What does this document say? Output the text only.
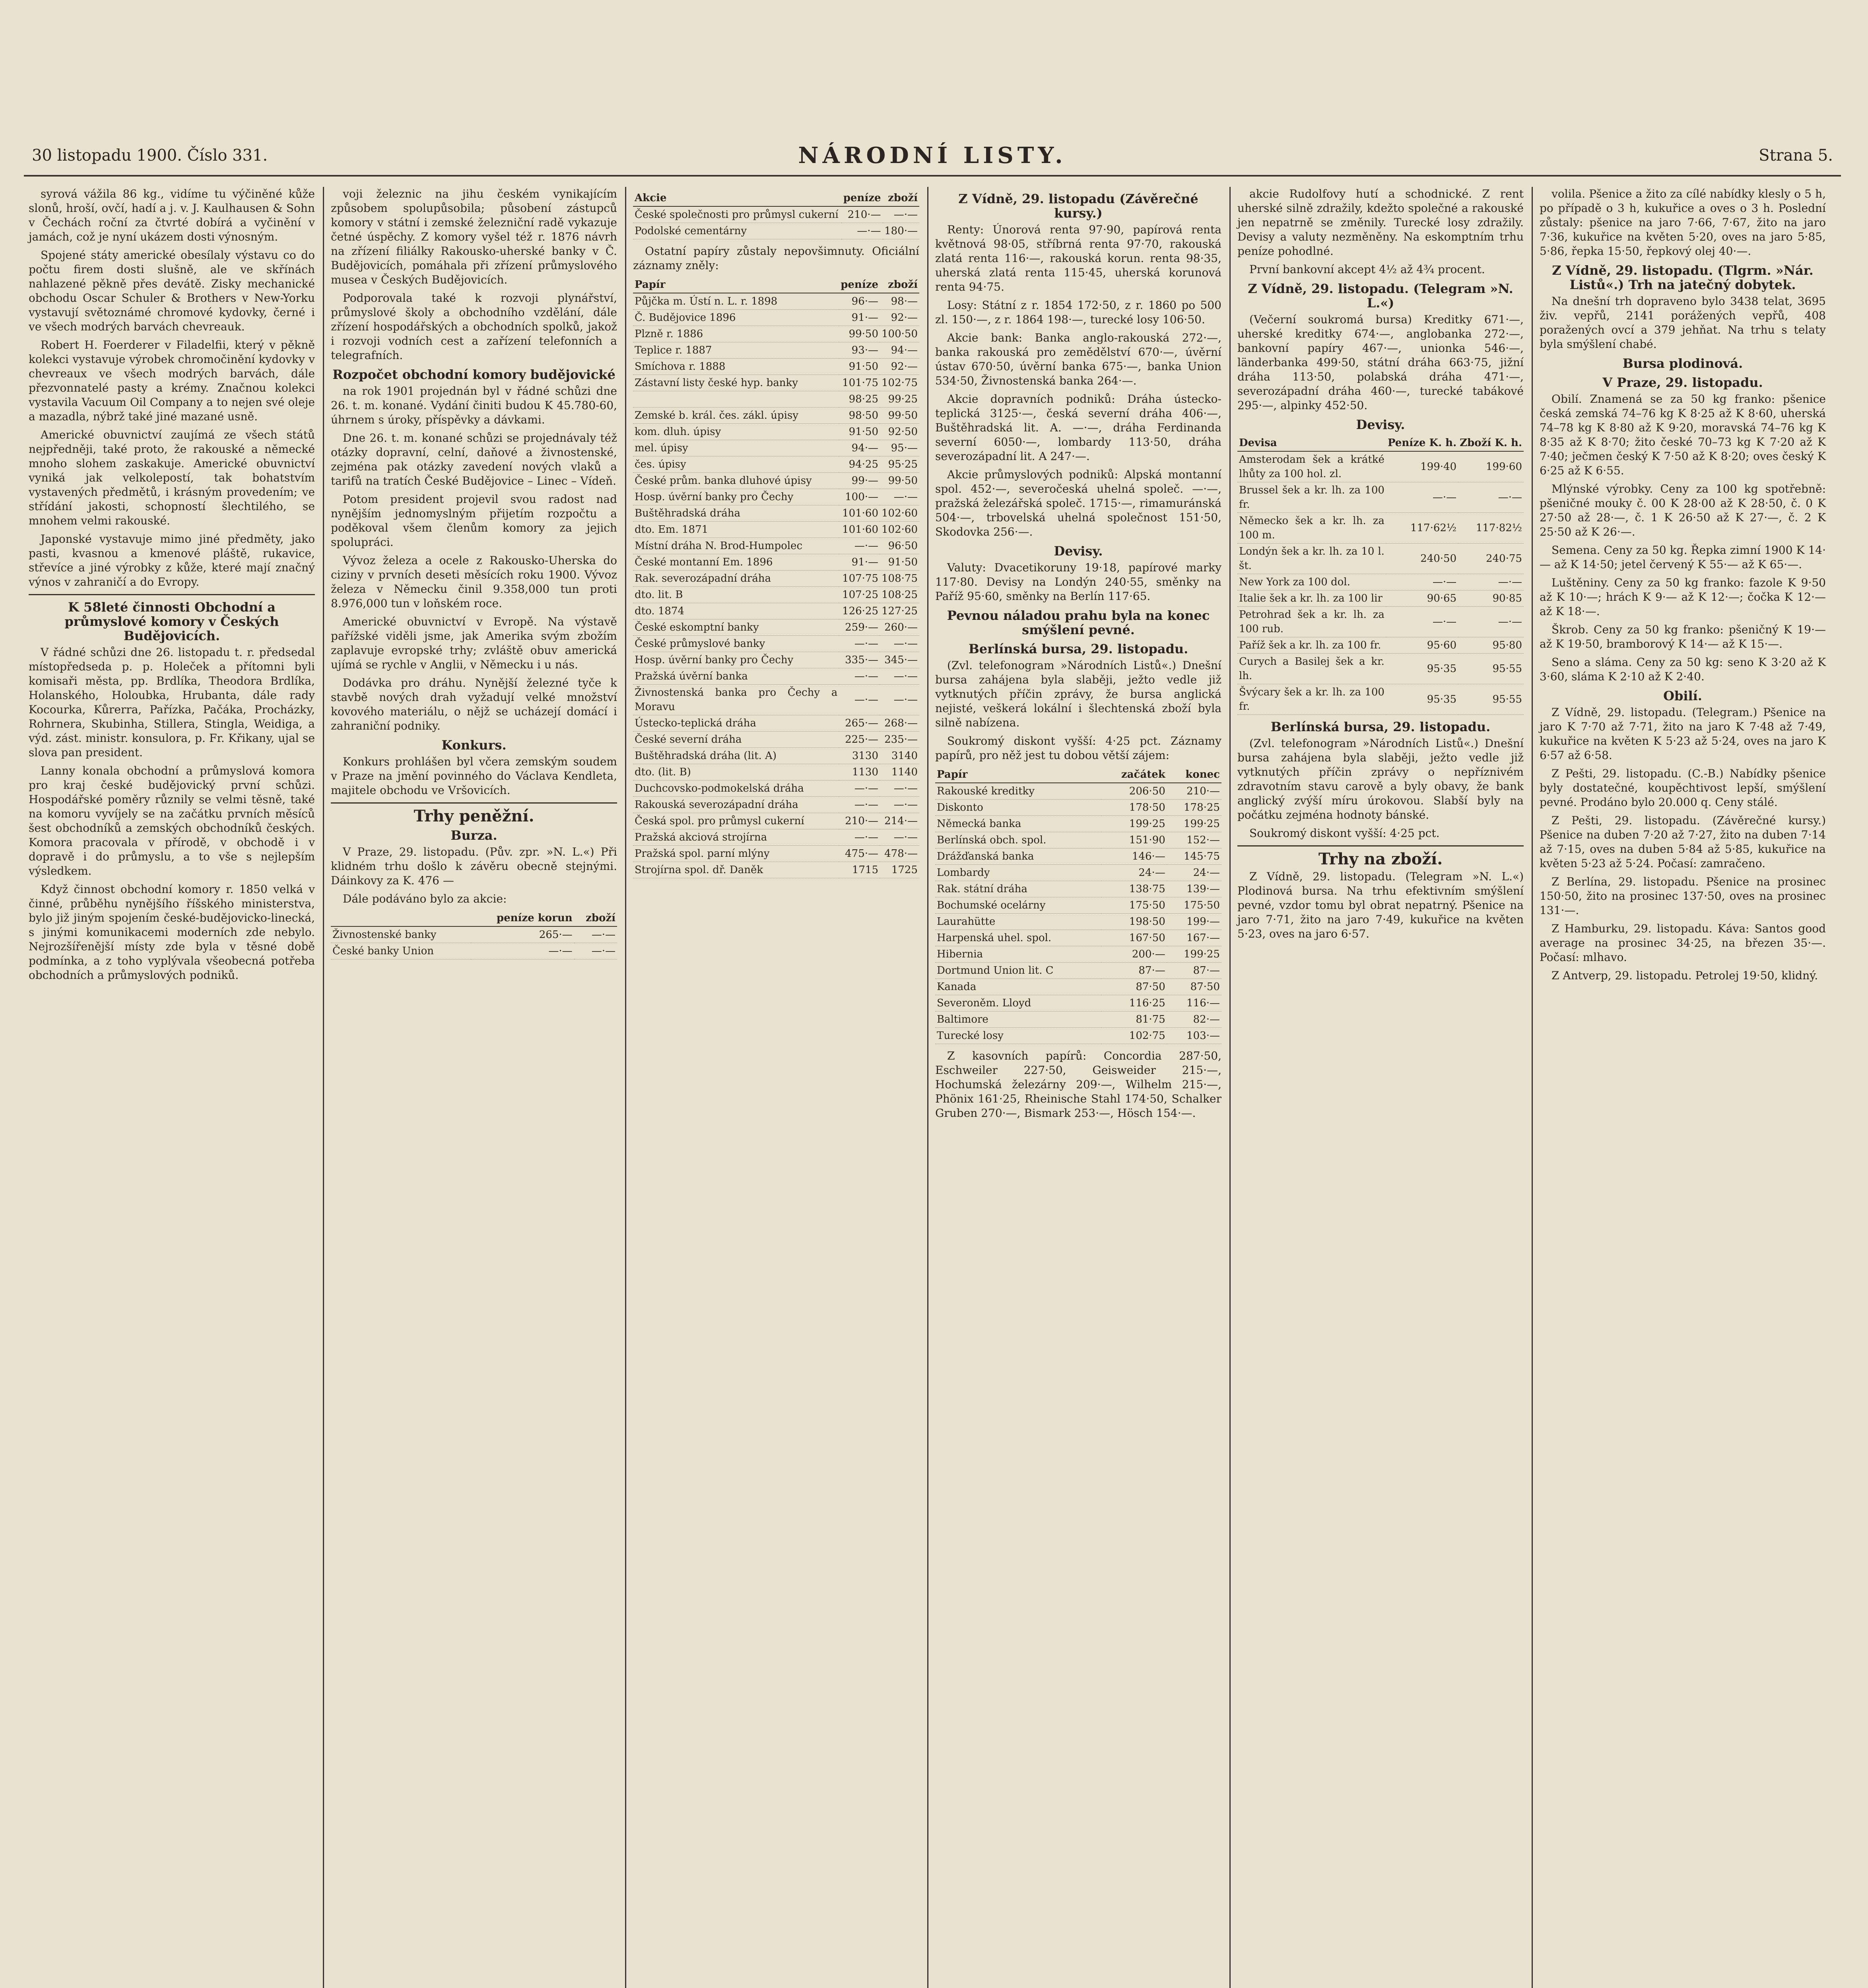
30 listopadu 1900. Číslo 331.	NÁRODNÍ LISTY.	Strana 5.

syrová vážila 86 kg., vidíme tu výčiněné kůže slonů, hroší, ovčí, hadí a j. v. J. Kaulhausen & Sohn v Čechách roční za čtvrté dobírá a vyčinění v jamách, což je nyní ukázem dosti výnosným.

Spojené státy americké obesílaly výstavu co do počtu firem dosti slušně, ale ve skřínách nahlazené pěkně přes devátě. Zisky mechanické obchodu Oscar Schuler & Brothers v New-Yorku vystavují světoznámé chromové kydovky, černé i ve všech modrých barvách chevreauk.

Robert H. Foerderer v Filadelfii, který v pěkně kolekci vystavuje výrobek chromočinění kydovky v chevreaux ve všech modrých barvách, dále přezvonnatelé pasty a krémy. Značnou kolekci vystavila Vacuum Oil Company a to nejen své oleje a mazadla, nýbrž také jiné mazané usně.

Americké obuvnictví zaujímá ze všech států nejpředněji, také proto, že rakouské a německé mnoho slohem zaskakuje. Americké obuvnictví vyniká jak velkolepostí, tak bohatstvím vystavených předmětů, i krásným provedením; ve střídání jakosti, schopností šlechtilého, se mnohem velmi rakouské.

Japonské vystavuje mimo jiné předměty, jako pasti, kvasnou a kmenové pláště, rukavice, střevíce a jiné výrobky z kůže, které mají značný výnos v zahraničí a do Evropy.

K 58leté činnosti Obchodní a průmyslové komory v Českých Budějovicích.

V řádné schůzi dne 26. listopadu t. r. předsedal místopředseda p. p. Holeček a přítomni byli komisaři města, pp. Brdlíka, Theodora Brdlíka, Holanského, Holoubka, Hrubanta, dále rady Kocourka, Kůrerra, Pařízka, Pačáka, Procházky, Rohrnera, Skubinha, Stillera, Stingla, Weidiga, a výd. zást. ministr. konsulora, p. Fr. Křikany, ujal se slova pan president.

Lanny konala obchodní a průmyslová komora pro kraj české budějovický první schůzi. Hospodářské poměry různily se velmi těsně, také na komoru vyvíjely se na začátku prvních měsíců šest obchodníků a zemských obchodníků českých. Komora pracovala v přírodě, v obchodě i v dopravě i do průmyslu, a to vše s nejlepším výsledkem.

Když činnost obchodní komory r. 1850 velká v činné, průběhu nynějšího říšského ministerstva, bylo již jiným spojením české-budějovicko-linecká, s jinými komunikacemi moderních zde nebylo. Nejrozšířenější místy zde byla v těsné době podmínka, a z toho vyplývala všeobecná potřeba obchodních a průmyslových podniků.

voji železnic na jihu českém vynikajícím způsobem spolupůsobila; působení zástupců komory v státní i zemské železniční radě vykazuje četné úspěchy. Z komory vyšel též r. 1876 návrh na zřízení filiálky Rakousko-uherské banky v Č. Budějovicích, pomáhala při zřízení průmyslového musea v Českých Budějovicích.

Podporovala také k rozvoji plynářství, průmyslové školy a obchodního vzdělání, dále zřízení hospodářských a obchodních spolků, jakož i rozvoji vodních cest a zařízení telefonních a telegrafních.

Rozpočet obchodní komory budějovické

na rok 1901 projednán byl v řádné schůzi dne 26. t. m. konané. Vydání činiti budou K 45.780-60, úhrnem s úroky, příspěvky a dávkami.

Dne 26. t. m. konané schůzi se projednávaly též otázky dopravní, celní, daňové a živnostenské, zejména pak otázky zavedení nových vlaků a tarifů na tratích České Budějovice – Linec – Vídeň.

Potom president projevil svou radost nad nynějším jednomyslným přijetím rozpočtu a poděkoval všem členům komory za jejich spolupráci.

Vývoz železa a ocele z Rakousko-Uherska do ciziny v prvních deseti měsících roku 1900. Vývoz železa v Německu činil 9.358,000 tun proti 8.976,000 tun v loňském roce.

Americké obuvnictví v Evropě. Na výstavě pařížské viděli jsme, jak Amerika svým zbožím zaplavuje evropské trhy; zvláště obuv americká ujímá se rychle v Anglii, v Německu i u nás.

Dodávka pro dráhu. Nynější železné tyče k stavbě nových drah vyžadují velké množství kovového materiálu, o nějž se ucházejí domácí i zahraniční podniky.

Konkurs.

Konkurs prohlášen byl včera zemským soudem v Praze na jmění povinného do Václava Kendleta, majitele obchodu ve Vršovicích.

Trhy peněžní.
Burza.

V Praze, 29. listopadu. (Pův. zpr. »N. L.«) Při klidném trhu došlo k závěru obecně stejnými. Dáinkovy za K. 476 —

Dále podáváno bylo za akcie:

	peníze korun	zboží
Živnostenské banky	265·—	—·—
České banky Union	—·—	—·—
Akcie	peníze	zboží
České společnosti pro průmysl cukerní	210·—	—·—
Podolské cementárny	—·—	180·—

Ostatní papíry zůstaly nepovšimnuty. Oficiální záznamy zněly:

Papír	peníze	zboží
Půjčka m. Ústí n. L. r. 1898	96·—	98·—
Č. Budějovice 1896	91·—	92·—
Plzně r. 1886	99·50	100·50
Teplice r. 1887	93·—	94·—
Smíchova r. 1888	91·50	92·—
Zástavní listy české hyp. banky	101·75	102·75
	98·25	99·25
Zemské b. král. čes. zákl. úpisy	98·50	99·50
kom. dluh. úpisy	91·50	92·50
mel. úpisy	94·—	95·—
čes. úpisy	94·25	95·25
České prům. banka dluhové úpisy	99·—	99·50
Hosp. úvěrní banky pro Čechy	100·—	—·—
Buštěhradská dráha	101·60	102·60
dto. Em. 1871	101·60	102·60
Místní dráha N. Brod-Humpolec	—·—	96·50
České montanní Em. 1896	91·—	91·50
Rak. severozápadní dráha	107·75	108·75
dto. lit. B	107·25	108·25
dto. 1874	126·25	127·25
České eskomptní banky	259·—	260·—
České průmyslové banky	—·—	—·—
Hosp. úvěrní banky pro Čechy	335·—	345·—
Pražská úvěrní banka	—·—	—·—
Živnostenská banka pro Čechy a Moravu	—·—	—·—
Ústecko-teplická dráha	265·—	268·—
České severní dráha	225·—	235·—
Buštěhradská dráha (lit. A)	3130	3140
dto. (lit. B)	1130	1140
Duchcovsko-podmokelská dráha	—·—	—·—
Rakouská severozápadní dráha	—·—	—·—
Česká spol. pro průmysl cukerní	210·—	214·—
Pražská akciová strojírna	—·—	—·—
Pražská spol. parní mlýny	475·—	478·—
Strojírna spol. dř. Daněk	1715	1725
Z Vídně, 29. listopadu (Závěrečné kursy.)

Renty: Únorová renta 97·90, papírová renta květnová 98·05, stříbrná renta 97·70, rakouská zlatá renta 116·—, rakouská korun. renta 98·35, uherská zlatá renta 115·45, uherská korunová renta 94·75.

Losy: Státní z r. 1854 172·50, z r. 1860 po 500 zl. 150·—, z r. 1864 198·—, turecké losy 106·50.

Akcie bank: Banka anglo-rakouská 272·—, banka rakouská pro zemědělství 670·—, úvěrní ústav 670·50, úvěrní banka 675·—, banka Union 534·50, Živnostenská banka 264·—.

Akcie dopravních podniků: Dráha ústecko-teplická 3125·—, česká severní dráha 406·—, Buštěhradská lit. A. —·—, dráha Ferdinanda severní 6050·—, lombardy 113·50, dráha severozápadní lit. A 247·—.

Akcie průmyslových podniků: Alpská montanní spol. 452·—, severočeská uhelná společ. —·—, pražská železářská společ. 1715·—, rimamuránská 504·—, trbovelská uhelná společnost 151·50, Skodovka 256·—.

Devisy.

Valuty: Dvacetikoruny 19·18, papírové marky 117·80. Devisy na Londýn 240·55, směnky na Paříž 95·60, směnky na Berlín 117·65.

Pevnou náladou prahu byla na konec smýšlení pevné.
Berlínská bursa, 29. listopadu.

(Zvl. telefonogram »Národních Listů«.) Dnešní bursa zahájena byla slaběji, ježto vedle již vytknutých příčin zprávy, že bursa anglická nejisté, veškerá lokální i šlechtenská zboží byla silně nabízena.

Soukromý diskont vyšší: 4·25 pct. Záznamy papírů, pro něž jest tu dobou větší zájem:

Papír	začátek	konec
Rakouské kreditky	206·50	210·—
Diskonto	178·50	178·25
Německá banka	199·25	199·25
Berlínská obch. spol.	151·90	152·—
Drážďanská banka	146·—	145·75
Lombardy	24·—	24·—
Rak. státní dráha	138·75	139·—
Bochumské ocelárny	175·50	175·50
Laurahütte	198·50	199·—
Harpenská uhel. spol.	167·50	167·—
Hibernia	200·—	199·25
Dortmund Union lit. C	87·—	87·—
Kanada	87·50	87·50
Severoněm. Lloyd	116·25	116·—
Baltimore	81·75	82·—
Turecké losy	102·75	103·—

Z kasovních papírů: Concordia 287·50, Eschweiler 227·50, Geisweider 215·—, Hochumská železárny 209·—, Wilhelm 215·—, Phönix 161·25, Rheinische Stahl 174·50, Schalker Gruben 270·—, Bismark 253·—, Hösch 154·—.

akcie Rudolfovy hutí a schodnické. Z rent uherské silně zdražily, kdežto společné a rakouské jen nepatrně se změnily. Turecké losy zdražily. Devisy a valuty nezměněny. Na eskomptním trhu peníze pohodlné.

První bankovní akcept 4½ až 4¾ procent.

Z Vídně, 29. listopadu. (Telegram »N. L.«)

(Večerní soukromá bursa) Kreditky 671·—, uherské kreditky 674·—, anglobanka 272·—, bankovní papíry 467·—, unionka 546·—, länderbanka 499·50, státní dráha 663·75, jižní dráha 113·50, polabská dráha 471·—, severozápadní dráha 460·—, turecké tabákové 295·—, alpinky 452·50.

Devisy.
Devisa	Peníze K. h.	Zboží K. h.
Amsterodam šek a krátké lhůty za 100 hol. zl.	199·40	199·60
Brussel šek a kr. lh. za 100 fr.	—·—	—·—
Německo šek a kr. lh. za 100 m.	117·62½	117·82½
Londýn šek a kr. lh. za 10 l. št.	240·50	240·75
New York za 100 dol.	—·—	—·—
Italie šek a kr. lh. za 100 lir	90·65	90·85
Petrohrad šek a kr. lh. za 100 rub.	—·—	—·—
Paříž šek a kr. lh. za 100 fr.	95·60	95·80
Curych a Basilej šek a kr. lh.	95·35	95·55
Švýcary šek a kr. lh. za 100 fr.	95·35	95·55
Berlínská bursa, 29. listopadu.

(Zvl. telefonogram »Národních Listů«.) Dnešní bursa zahájena byla slaběji, ježto vedle již vytknutých příčin zprávy o nepříznivém zdravotním stavu carově a byly obavy, že bank anglický zvýší míru úrokovou. Slabší byly na počátku zejména hodnoty bánské.

Soukromý diskont vyšší: 4·25 pct.

Trhy na zboží.

Z Vídně, 29. listopadu. (Telegram »N. L.«) Plodinová bursa. Na trhu efektivním smýšlení pevné, vzdor tomu byl obrat nepatrný. Pšenice na jaro 7·71, žito na jaro 7·49, kukuřice na květen 5·23, oves na jaro 6·57.

volila. Pšenice a žito za cílé nabídky klesly o 5 h, po případě o 3 h, kukuřice a oves o 3 h. Poslední zůstaly: pšenice na jaro 7·66, 7·67, žito na jaro 7·36, kukuřice na květen 5·20, oves na jaro 5·85, 5·86, řepka 15·50, řepkový olej 40·—.

Z Vídně, 29. listopadu. (Tlgrm. »Nár. Listů«.) Trh na jatečný dobytek.

Na dnešní trh dopraveno bylo 3438 telat, 3695 živ. vepřů, 2141 porážených vepřů, 408 poražených ovcí a 379 jehňat. Na trhu s telaty byla smýšlení chabé.

Bursa plodinová.
V Praze, 29. listopadu.

Obilí. Znamená se za 50 kg franko: pšenice česká zemská 74–76 kg K 8·25 až K 8·60, uherská 74–78 kg K 8·80 až K 9·20, moravská 74–76 kg K 8·35 až K 8·70; žito české 70–73 kg K 7·20 až K 7·40; ječmen český K 7·50 až K 8·20; oves český K 6·25 až K 6·55.

Mlýnské výrobky. Ceny za 100 kg spotřebně: pšeničné mouky č. 00 K 28·00 až K 28·50, č. 0 K 27·50 až 28·—, č. 1 K 26·50 až K 27·—, č. 2 K 25·50 až K 26·—.

Semena. Ceny za 50 kg. Řepka zimní 1900 K 14·— až K 14·50; jetel červený K 55·— až K 65·—.

Luštěniny. Ceny za 50 kg franko: fazole K 9·50 až K 10·—; hrách K 9·— až K 12·—; čočka K 12·— až K 18·—.

Škrob. Ceny za 50 kg franko: pšeničný K 19·— až K 19·50, bramborový K 14·— až K 15·—.

Seno a sláma. Ceny za 50 kg: seno K 3·20 až K 3·60, sláma K 2·10 až K 2·40.

Obilí.

Z Vídně, 29. listopadu. (Telegram.) Pšenice na jaro K 7·70 až 7·71, žito na jaro K 7·48 až 7·49, kukuřice na květen K 5·23 až 5·24, oves na jaro K 6·57 až 6·58.

Z Pešti, 29. listopadu. (C.-B.) Nabídky pšenice byly dostatečné, koupěchtivost lepší, smýšlení pevné. Prodáno bylo 20.000 q. Ceny stálé.

Z Pešti, 29. listopadu. (Závěrečné kursy.) Pšenice na duben 7·20 až 7·27, žito na duben 7·14 až 7·15, oves na duben 5·84 až 5·85, kukuřice na květen 5·23 až 5·24. Počasí: zamračeno.

Z Berlína, 29. listopadu. Pšenice na prosinec 150·50, žito na prosinec 137·50, oves na prosinec 131·—.

Z Hamburku, 29. listopadu. Káva: Santos good average na prosinec 34·25, na březen 35·—. Počasí: mlhavo.

Z Antverp, 29. listopadu. Petrolej 19·50, klidný.
